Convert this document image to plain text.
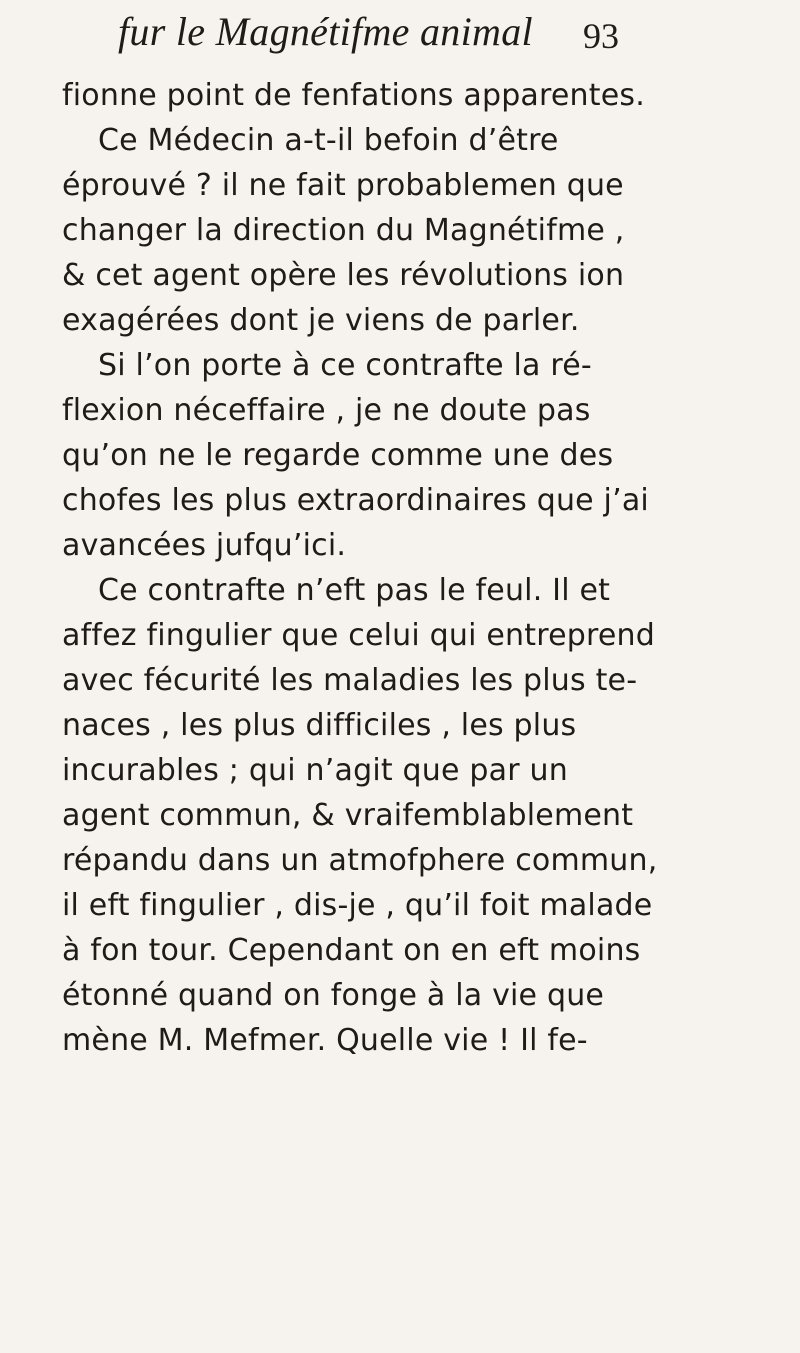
fur le Magnétifme animal 93
fionne point de fenfations apparentes.
Ce Médecin a-t-il befoin d’être
éprouvé ? il ne fait probablemen que
changer la direction du Magnétifme ,
& cet agent opère les révolutions ion
exagérées dont je viens de parler.
Si l’on porte à ce contrafte la ré-
flexion néceffaire , je ne doute pas
qu’on ne le regarde comme une des
chofes les plus extraordinaires que j’ai
avancées jufqu’ici.
Ce contrafte n’eft pas le feul. Il et
affez fingulier que celui qui entreprend
avec fécurité les maladies les plus te-
naces , les plus difficiles , les plus
incurables ; qui n’agit que par un
agent commun, & vraifemblablement
répandu dans un atmofphere commun,
il eft fingulier , dis-je , qu’il foit malade
à fon tour. Cependant on en eft moins
étonné quand on fonge à la vie que
mène M. Mefmer. Quelle vie ! Il fe-
